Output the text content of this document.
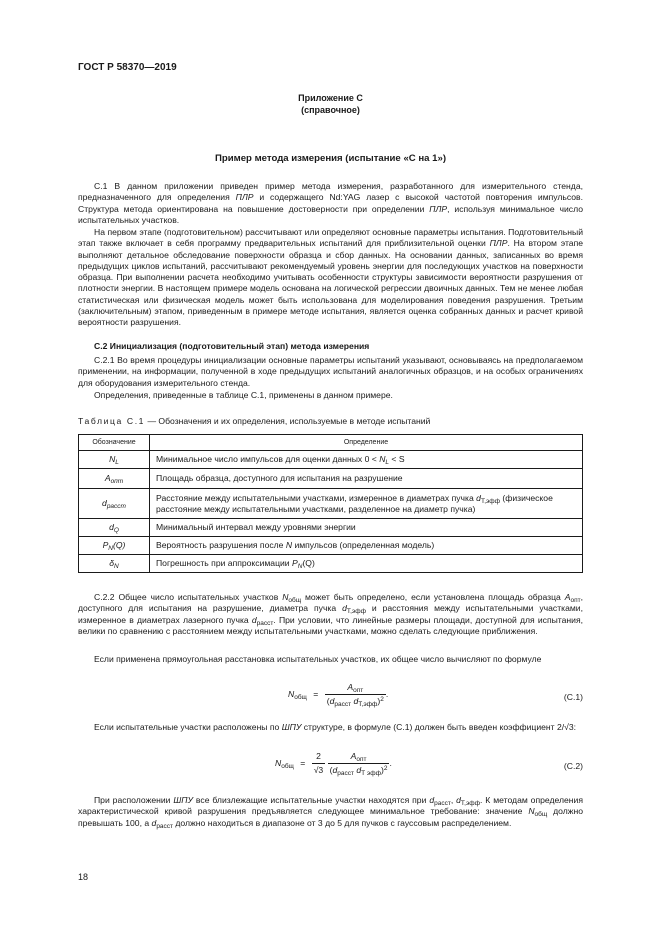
ГОСТ Р 58370—2019
Приложение С
(справочное)
Пример метода измерения (испытание «С на 1»)
С.1 В данном приложении приведен пример метода измерения, разработанного для измерительного стенда, предназначенного для определения ПЛР и содержащего Nd:YAG лазер с высокой частотой повторения импульсов. Структура метода ориентирована на повышение достоверности при определении ПЛР, используя минимальное число испытательных участков.
На первом этапе (подготовительном) рассчитывают или определяют основные параметры испытания. Подготовительный этап также включает в себя программу предварительных испытаний для приблизительной оценки ПЛР. На втором этапе выполняют детальное обследование поверхности образца и сбор данных. На основании данных, записанных во время предыдущих циклов испытаний, рассчитывают рекомендуемый уровень энергии для последующих участков на поверхности образца. При выполнении расчета необходимо учитывать особенности структуры зависимости вероятности разрушения от плотности энергии. В настоящем примере модель основана на логической регрессии двоичных данных. Тем не менее любая статистическая или физическая модель может быть использована для моделирования поведения разрушения. Третьим (заключительным) этапом, приведенным в примере методе испытания, является оценка собранных данных и расчет кривой вероятности разрушения.
С.2 Инициализация (подготовительный этап) метода измерения
С.2.1 Во время процедуры инициализации основные параметры испытаний указывают, основываясь на предполагаемом применении, на информации, полученной в ходе предыдущих испытаний аналогичных образцов, и на особых ограничениях для оборудования измерительного стенда.
Определения, приведенные в таблице С.1, применены в данном примере.
Таблица С.1 — Обозначения и их определения, используемые в методе испытаний
Обозначение	Определение
$N_L$	Минимальное число импульсов для оценки данных $0 < N_L < S$
$A_{опт}$	Площадь образца, доступного для испытания на разрушение
$d_{расст}$	Расстояние между испытательными участками, измеренное в диаметрах пучка $d_{Т,эфф}$ (физическое расстояние между испытательными участками, разделенное на диаметр пучка)
$d_Q$	Минимальный интервал между уровнями энергии
$P_N(Q)$	Вероятность разрушения после N импульсов (определенная модель)
$\delta_N$	Погрешность при аппроксимации $P_N(Q)$
С.2.2 Общее число испытательных участков $N_{общ}$ может быть определено, если установлена площадь образца $A_{опт}$, доступного для испытания на разрушение, диаметра пучка $d_{Т,эфф}$ и расстояния между испытательными участками, измеренное в диаметрах лазерного пучка $d_{расст}$. При условии, что линейные размеры площади, доступной для испытания, велики по сравнению с расстоянием между испытательными участками, можно сделать следующие приближения.
Если применена прямоугольная расстановка испытательных участков, их общее число вычисляют по формуле
$N_{общ} = \frac{A_{опт}}{(d_{расст} d_{Т,эфф})^2}$ .	(С.1)
Если испытательные участки расположены по ШПУ структуре, в формуле (С.1) должен быть введен коэффициент 2/√3:
$N_{общ} = \frac{2}{√3}$
$\frac{A_{опт}}{(d_{расст} d_{Т эфф})^2}$ .	(С.2)
При расположении ШПУ все близлежащие испытательные участки находятся при $d_{расст}$, $d_{Т,эфф}$. К методам определения характеристической кривой разрушения предъявляется следующее минимальное требование: значение $N_{общ}$ должно превышать 100, а $d_{расст}$ должно находиться в диапазоне от 3 до 5 для пучков с гауссовым распределением.
18
